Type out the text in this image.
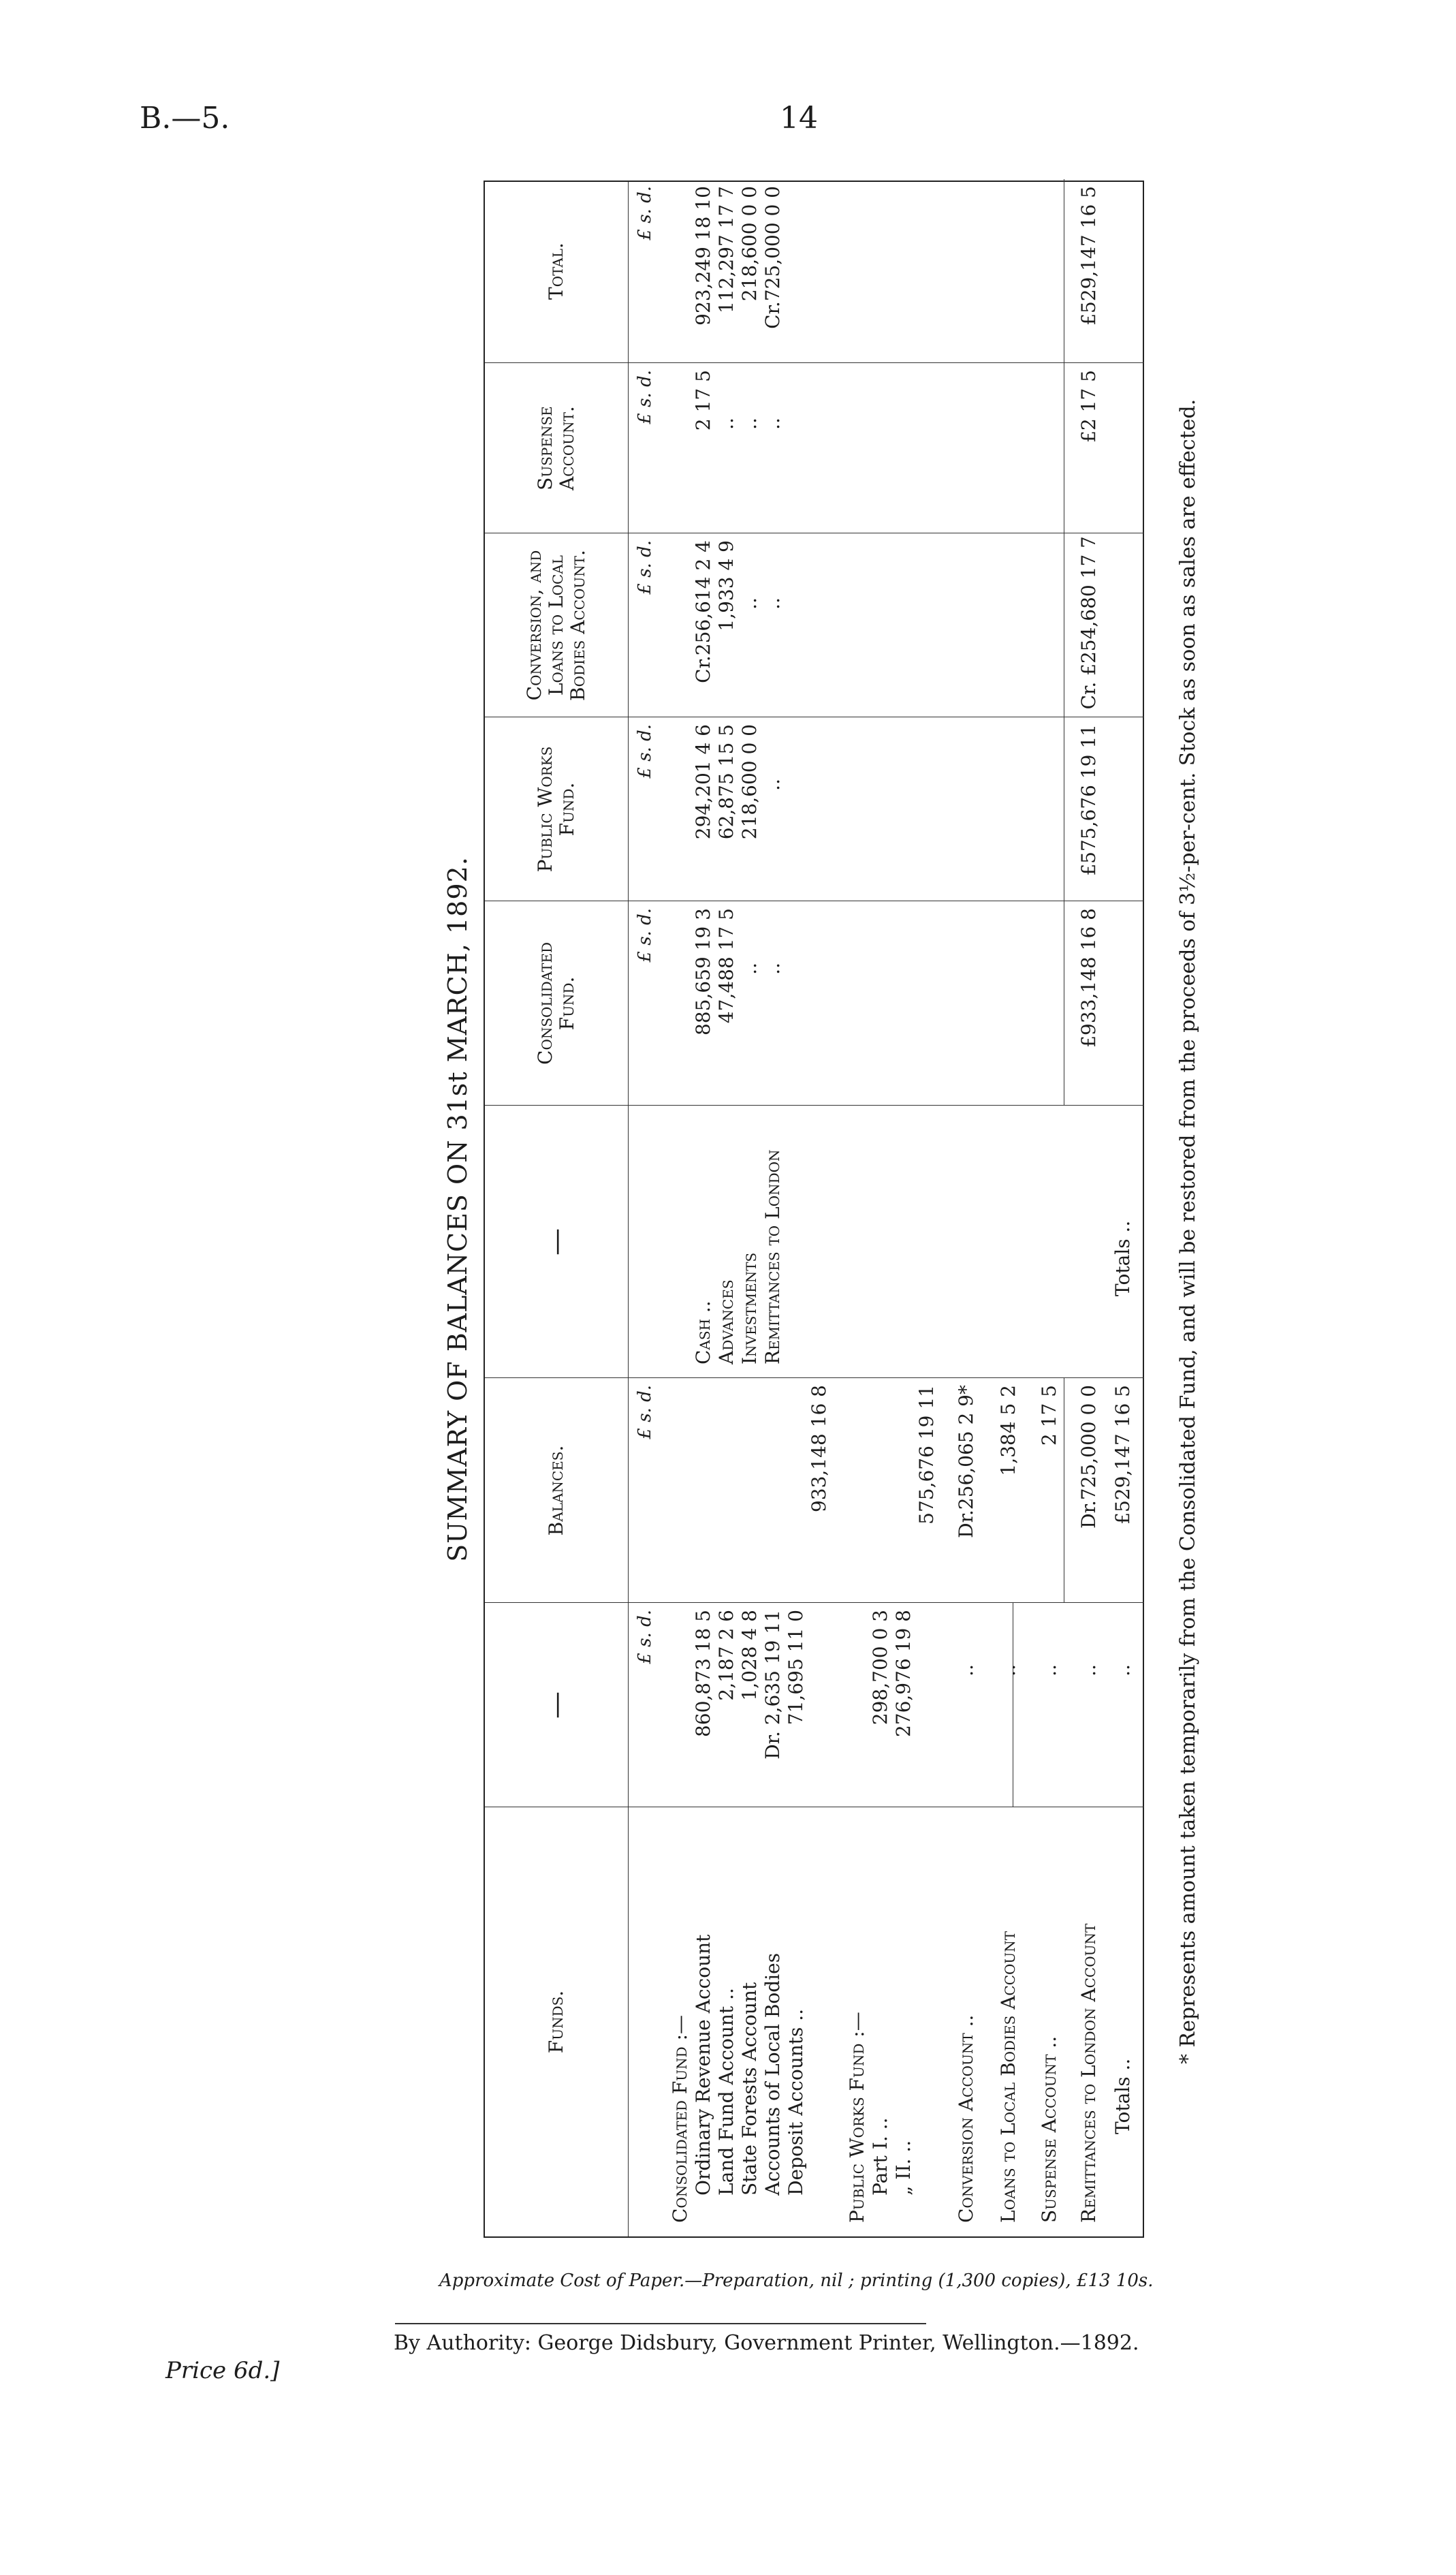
B.—5.	14
SUMMARY OF BALANCES ON 31st MARCH, 1892.
Funds.
—
Balances.
—
Consolidated Fund.
Public Works Fund.
Conversion, and Loans to Local Bodies Account.
Suspense Account.
Total.
£ s. d.
£ s. d.
£ s. d.
£ s. d.
£ s. d.
£ s. d.
£ s. d.
Consolidated Fund :— Ordinary Revenue Account
860,873 18 5
Land Fund Account ..
2,187 2 6
State Forests Account
1,028 4 8
Accounts of Local Bodies
Dr. 2,635 19 11
Deposit Accounts ..
71,695 11 0
933,148 16 8
Public Works Fund :— Part I. ..
298,700 0 3
„ II. ..
276,976 19 8
575,676 19 11
Conversion Account ..
..
Dr.256,065 2 9*
Loans to Local Bodies Account
..
1,384 5 2
Suspense Account ..
..
2 17 5
Remittances to London Account
..
Dr.725,000 0 0
Totals ..
..
£529,147 16 5
Cash ..
885,659 19 3
294,201 4 6
Cr.256,614 2 4
2 17 5
923,249 18 10
Advances
47,488 17 5
62,875 15 5
1,933 4 9
..
112,297 17 7
Investments
..
218,600 0 0
..
..
218,600 0 0
Remittances to London
..
..
..
..
Cr.725,000 0 0
Totals ..
£933,148 16 8
£575,676 19 11
Cr. £254,680 17 7
£2 17 5
£529,147 16 5
* Represents amount taken temporarily from the Consolidated Fund, and will be restored from the proceeds of 3½-per-cent. Stock as soon as sales are effected.
Approximate Cost of Paper.—Preparation, nil ; printing (1,300 copies), £13 10s.
By Authority: George Didsbury, Government Printer, Wellington.—1892.
Price 6d.]
